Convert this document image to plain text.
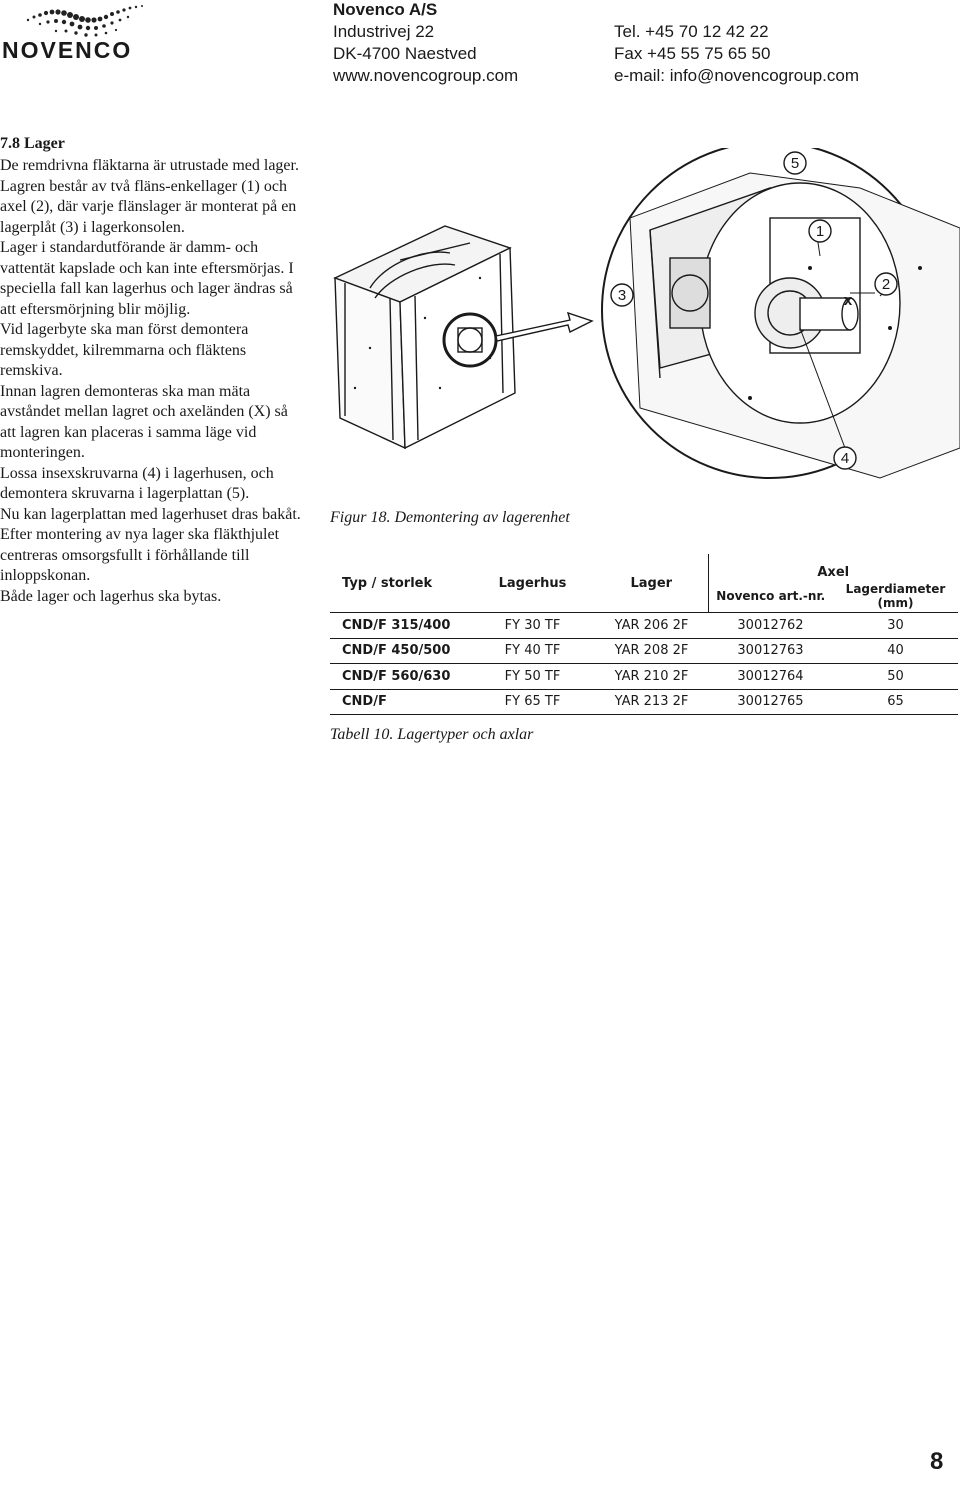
NOVENCO
Novenco A/S
Industrivej 22
DK-4700 Naestved
www.novencogroup.com
Tel. +45 70 12 42 22
Fax +45 55 75 65 50
e-mail: info@novencogroup.com
7.8 Lager

De remdrivna fläktarna är utrustade med lager.

Lagren består av två fläns-enkellager (1) och axel (2), där varje flänslager är monterat på en lagerplåt (3) i lagerkonsolen.

Lager i standardutförande är damm- och vattentät kapslade och kan inte eftersmörjas. I speciella fall kan lagerhus och lager ändras så att eftersmörjning blir möjlig.

Vid lagerbyte ska man först demontera remskyddet, kilremmarna och fläktens remskiva.

Innan lagren demonteras ska man mäta avståndet mellan lagret och axeländen (X) så att lagren kan placeras i samma läge vid monteringen.

Lossa insexskruvarna (4) i lagerhusen, och demontera skruvarna i lagerplattan (5).

Nu kan lagerplattan med lagerhuset dras bakåt.

Efter montering av nya lager ska fläkthjulet centreras omsorgsfullt i förhållande till inloppskonan.

Både lager och lagerhus ska bytas.

5
1
3
2
4
x
Figur 18. Demontering av lagerenhet
Typ / storlek	Lagerhus	Lager	Axel	
			Novenco art.-nr.	Lagerdiameter (mm)
CND/F 315/400	FY 30 TF	YAR 206 2F	30012762	30
CND/F 450/500	FY 40 TF	YAR 208 2F	30012763	40
CND/F 560/630	FY 50 TF	YAR 210 2F	30012764	50
CND/F	FY 65 TF	YAR 213 2F	30012765	65
Tabell 10. Lagertyper och axlar
8
